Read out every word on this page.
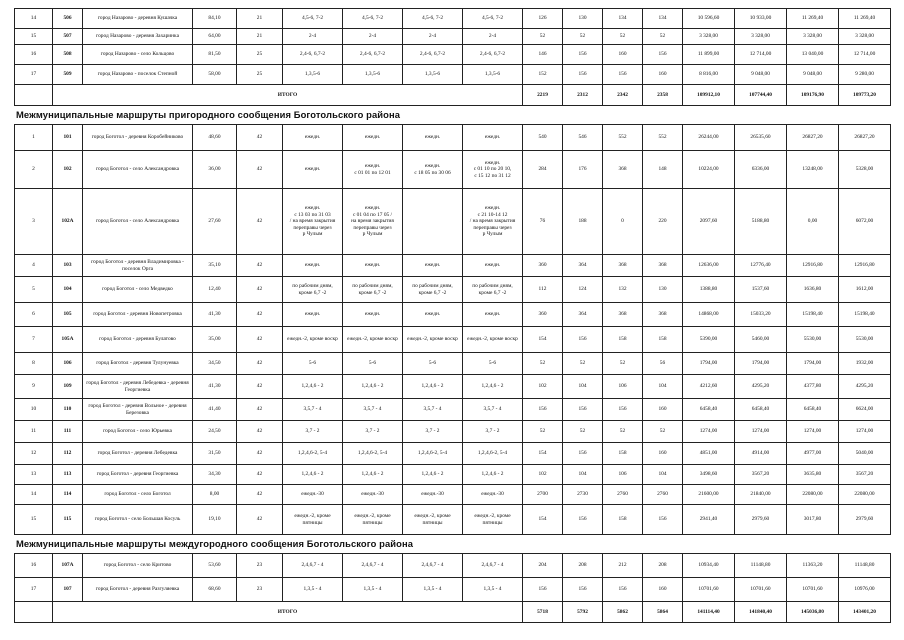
14	506	город Назарово - деревня Кушачка	84,10	21	4,5-6, 7-2	4,5-6, 7-2	4,5-6, 7-2	4,5-6, 7-2	126	130	134	134	10 596,60	10 933,00	11 269,40	11 269,40
15	507	город Назарово - деревня Захаринка	64,00	21	2-4	2-4	2-4	2-4	52	52	52	52	3 328,00	3 328,00	3 328,00	3 328,00
16	508	город Назарово - село Кольцово	81,50	25	2,4-6, 6,7-2	2,4-6, 6,7-2	2,4-6, 6,7-2	2,4-6, 6,7-2	146	156	160	156	11 899,00	12 714,00	13 040,00	12 714,00
17	509	город Назарово - поселок Степной	58,00	25	1,3,5-6	1,3,5-6	1,3,5-6	1,3,5-6	152	156	156	160	8 816,00	9 048,00	9 048,00	9 280,00
	ИТОГО								2219	2312	2342	2358	109912,10	107744,40	109176,90	109773,20
Межмуниципальные маршруты пригородного сообщения Боготольского района
1	101	город Боготол - деревня Коробейниково	48,60	42	ежедн.	ежедн.	ежедн.	ежедн.	540	546	552	552	26244,00	26535,60	26827,20	26827,20
2	102	город Боготол - село Александровка	36,00	42	ежедн.	ежедн.
с 01 01 по 12 01	ежедн.
с 18 05 по 30 06	ежедн.
с 01 10 по 20 10,
с 15 12 по 31 12	284	176	368	148	10224,00	6336,00	13248,00	5328,00
3	102А	город Боготол - село Александровка	27,60	42	ежедн.
с 13 03 по 31 03
/ на время закрытия
переправы через
р Чулым	ежедн.
с 01 04 по 17 05 /
на время закрытия
переправы через
р Чулым		ежедн.
с 21 10-14 12
/ на время закрытия
переправы через
р Чулым	76	188	0	220	2097,60	5188,80	0,00	6072,00
4	103	город Боготол - деревня Владимировка - поселок Орга	35,10	42	ежедн.	ежедн.	ежедн.	ежедн.	360	364	368	368	12636,00	12776,40	12916,80	12916,80
5	104	город Боготол - село Медведко	12,40	42	по рабочим дням,
кроме 6,7 -2	по рабочим дням,
кроме 6,7 -2	по рабочим дням,
кроме 6,7 -2	по рабочим дням,
кроме 6,7 -2	112	124	132	130	1388,80	1537,60	1636,80	1612,00
6	105	город Боготол - деревня Новопетровка	41,30	42	ежедн.	ежедн.	ежедн.	ежедн.	360	364	368	368	14868,00	15033,20	15198,40	15198,40
7	105А	город Боготол - деревня Булатово	35,00	42	ежедн.-2, кроме воскр	ежедн.-2, кроме воскр	ежедн.-2, кроме воскр	ежедн.-2, кроме воскр	154	156	158	158	5390,00	5460,00	5530,00	5530,00
8	106	город Боготол - деревня Тулунуевка	34,50	42	5-6	5-6	5-6	5-6	52	52	52	56	1794,00	1794,00	1794,00	1932,00
9	109	город Боготол - деревня Лебедевка - деревня Георгиевка	41,30	42	1,2,4,6 - 2	1,2,4,6 - 2	1,2,4,6 - 2	1,2,4,6 - 2	102	104	106	104	4212,60	4295,20	4377,80	4295,20
10	110	город Боготол - деревня Вольное - деревня Березовка	41,40	42	3,5,7 - 4	3,5,7 - 4	3,5,7 - 4	3,5,7 - 4	156	156	156	160	6458,40	6458,40	6458,40	6624,00
11	111	город Боготол - село Юрьевка	24,50	42	3,7 - 2	3,7 - 2	3,7 - 2	3,7 - 2	52	52	52	52	1274,00	1274,00	1274,00	1274,00
12	112	город Боготол - деревня Лебедевка	31,50	42	1,2,4,6-2, 5-4	1,2,4,6-2, 5-4	1,2,4,6-2, 5-4	1,2,4,6-2, 5-4	154	156	158	160	4851,00	4914,00	4977,00	5040,00
13	113	город Боготол - деревня Георгиевка	34,30	42	1,2,4,6 - 2	1,2,4,6 - 2	1,2,4,6 - 2	1,2,4,6 - 2	102	104	106	104	3498,60	3567,20	3635,80	3567,20
14	114	город Боготол - село Боготол	8,00	42	ежедн.-30	ежедн.-30	ежедн.-30	ежедн.-30	2700	2730	2760	2760	21600,00	21840,00	22080,00	22080,00
15	115	город Боготол - село Большая Косуль	19,10	42	ежедн.-2, кроме пятницы	ежедн.-2, кроме пятницы	ежедн.-2, кроме пятницы	ежедн.-2, кроме пятницы	154	156	158	156	2941,40	2979,60	3017,80	2979,60
Межмуниципальные маршруты междугородного сообщения Боготольского района
16	107А	город Боготол - село Критово	53,60	23	2,4,6,7 - 4	2,4,6,7 - 4	2,4,6,7 - 4	2,4,6,7 - 4	204	208	212	208	10934,40	11148,80	11363,20	11148,80
17	107	город Боготол - деревня Разгуляевка	68,60	23	1,3,5 - 4	1,3,5 - 4	1,3,5 - 4	1,3,5 - 4	156	156	156	160	10701,60	10701,60	10701,60	10976,00
	ИТОГО								5718	5792	5862	5864	141114,40	141840,40	145036,80	143401,20
